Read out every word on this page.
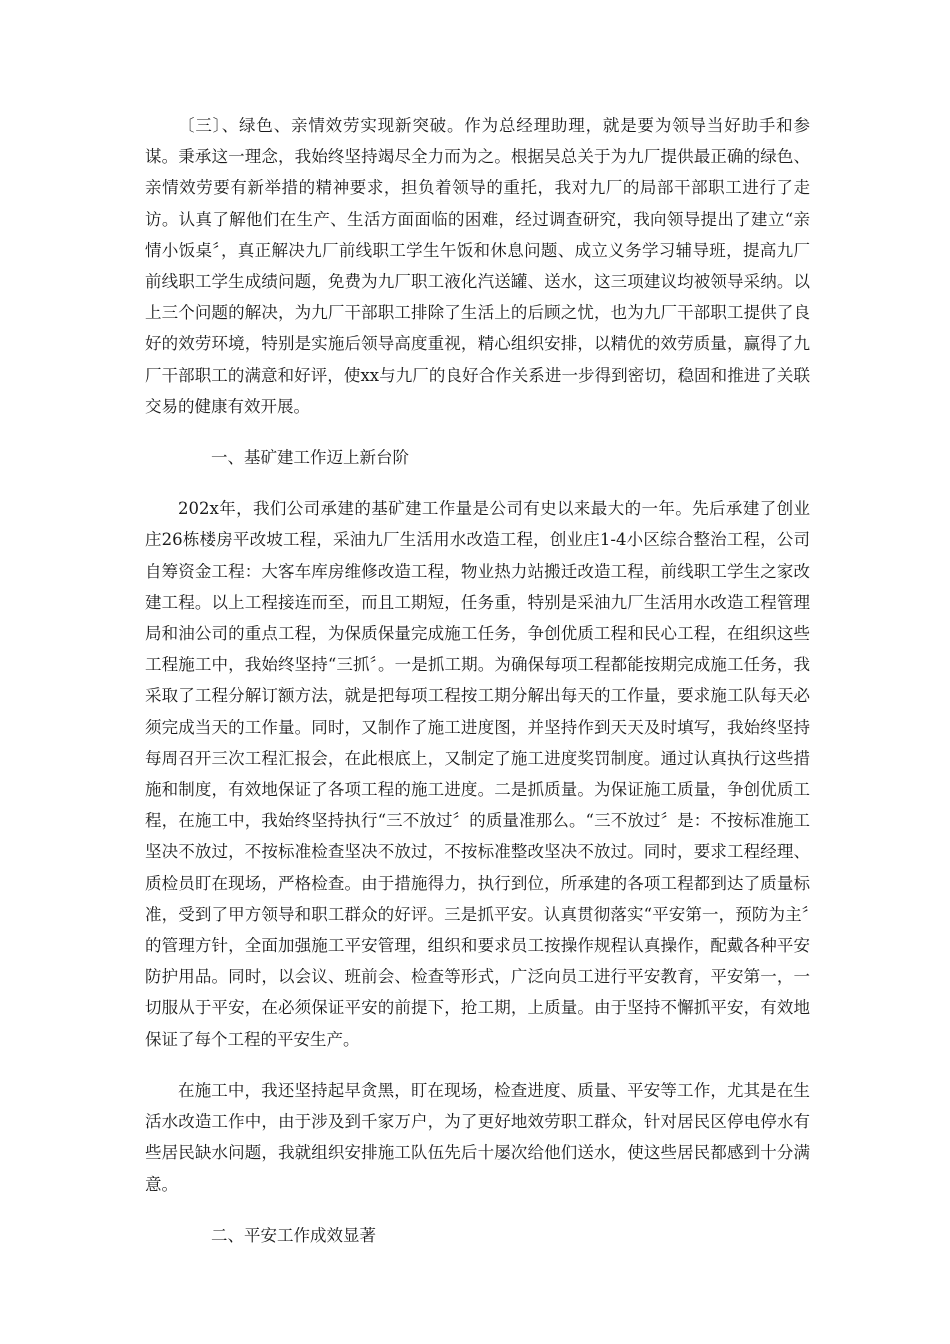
〔三〕、绿色、亲情效劳实现新突破。作为总经理助理，就是要为领导当好助手和参谋。秉承这一理念，我始终坚持竭尽全力而为之。根据吴总关于为九厂提供最正确的绿色、亲情效劳要有新举措的精神要求，担负着领导的重托，我对九厂的局部干部职工进行了走访。认真了解他们在生产、生活方面面临的困难，经过调查研究，我向领导提出了建立“亲情小饭桌〞，真正解决九厂前线职工学生午饭和休息问题、成立义务学习辅导班，提高九厂前线职工学生成绩问题，免费为九厂职工液化汽送罐、送水，这三项建议均被领导采纳。以上三个问题的解决，为九厂干部职工排除了生活上的后顾之忧，也为九厂干部职工提供了良好的效劳环境，特别是实施后领导高度重视，精心组织安排，以精优的效劳质量，赢得了九厂干部职工的满意和好评，使xx与九厂的良好合作关系进一步得到密切，稳固和推进了关联交易的健康有效开展。

一、基矿建工作迈上新台阶

202x年，我们公司承建的基矿建工作量是公司有史以来最大的一年。先后承建了创业庄26栋楼房平改坡工程，采油九厂生活用水改造工程，创业庄1-4小区综合整治工程，公司自筹资金工程：大客车库房维修改造工程，物业热力站搬迁改造工程，前线职工学生之家改建工程。以上工程接连而至，而且工期短，任务重，特别是采油九厂生活用水改造工程管理局和油公司的重点工程，为保质保量完成施工任务，争创优质工程和民心工程，在组织这些工程施工中，我始终坚持“三抓〞。一是抓工期。为确保每项工程都能按期完成施工任务，我采取了工程分解订额方法，就是把每项工程按工期分解出每天的工作量，要求施工队每天必须完成当天的工作量。同时，又制作了施工进度图，并坚持作到天天及时填写，我始终坚持每周召开三次工程汇报会，在此根底上，又制定了施工进度奖罚制度。通过认真执行这些措施和制度，有效地保证了各项工程的施工进度。二是抓质量。为保证施工质量，争创优质工程，在施工中，我始终坚持执行“三不放过〞的质量准那么。“三不放过〞是：不按标准施工坚决不放过，不按标准检查坚决不放过，不按标准整改坚决不放过。同时，要求工程经理、质检员盯在现场，严格检查。由于措施得力，执行到位，所承建的各项工程都到达了质量标准，受到了甲方领导和职工群众的好评。三是抓平安。认真贯彻落实“平安第一，预防为主〞的管理方针，全面加强施工平安管理，组织和要求员工按操作规程认真操作，配戴各种平安防护用品。同时，以会议、班前会、检查等形式，广泛向员工进行平安教育，平安第一，一切服从于平安，在必须保证平安的前提下，抢工期，上质量。由于坚持不懈抓平安，有效地保证了每个工程的平安生产。

在施工中，我还坚持起早贪黑，盯在现场，检查进度、质量、平安等工作，尤其是在生活水改造工作中，由于涉及到千家万户，为了更好地效劳职工群众，针对居民区停电停水有些居民缺水问题，我就组织安排施工队伍先后十屡次给他们送水，使这些居民都感到十分满意。

二、平安工作成效显著
